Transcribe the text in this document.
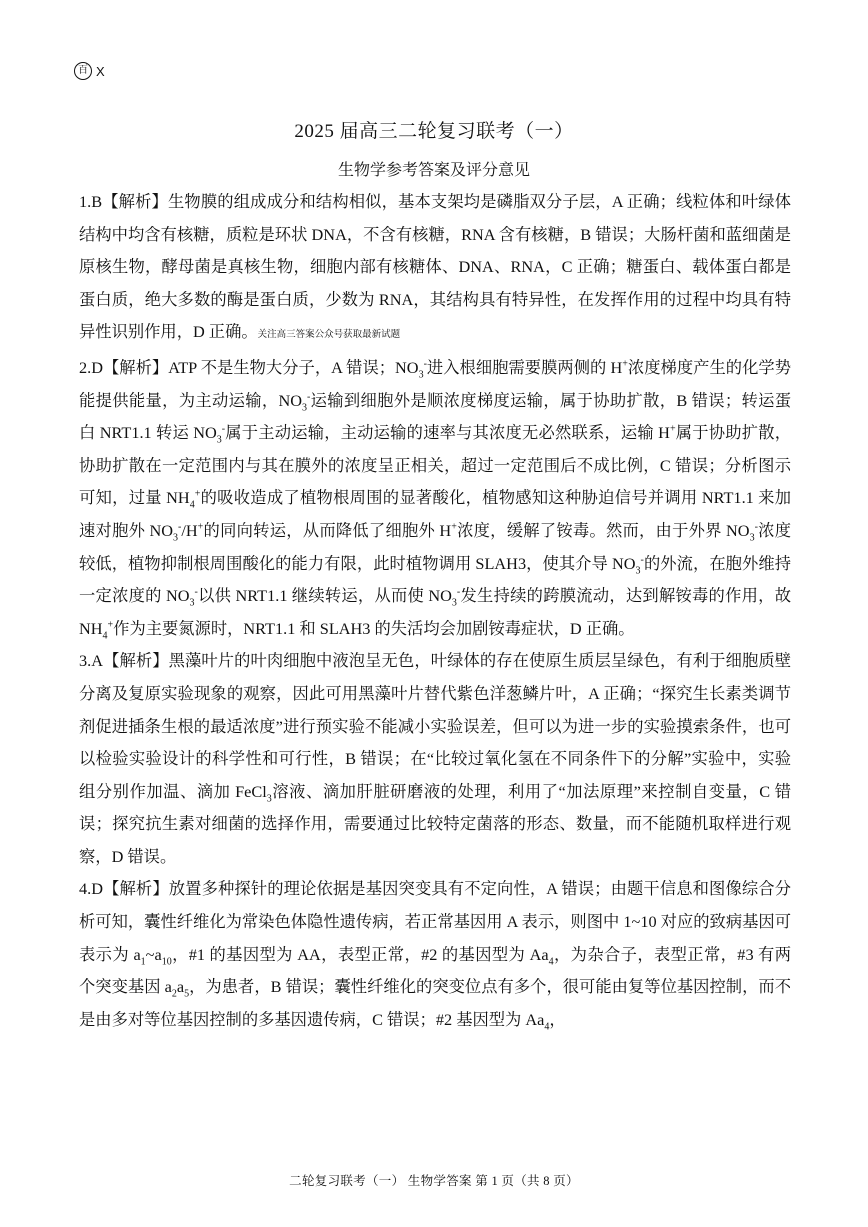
百 X
2025 届高三二轮复习联考（一）
生物学参考答案及评分意见

1.B【解析】生物膜的组成成分和结构相似，基本支架均是磷脂双分子层，A 正确；线粒体和叶绿体结构中均含有核糖，质粒是环状 DNA，不含有核糖，RNA 含有核糖，B 错误；大肠杆菌和蓝细菌是原核生物，酵母菌是真核生物，细胞内部有核糖体、DNA、RNA，C 正确；糖蛋白、载体蛋白都是蛋白质，绝大多数的酶是蛋白质，少数为 RNA，其结构具有特异性，在发挥作用的过程中均具有特异性识别作用，D 正确。关注高三答案公众号获取最新试题

2.D【解析】ATP 不是生物大分子，A 错误；$NO_3^-$进入根细胞需要膜两侧的 H+浓度梯度产生的化学势能提供能量，为主动运输，$NO_3^-$运输到细胞外是顺浓度梯度运输，属于协助扩散，B 错误；转运蛋白 NRT1.1 转运 $NO_3^-$属于主动运输，主动运输的速率与其浓度无必然联系，运输 H+属于协助扩散，协助扩散在一定范围内与其在膜外的浓度呈正相关，超过一定范围后不成比例，C 错误；分析图示可知，过量 $NH_4^+$的吸收造成了植物根周围的显著酸化，植物感知这种胁迫信号并调用 NRT1.1 来加速对胞外 $NO_3^-/H^+$的同向转运，从而降低了细胞外 H+浓度，缓解了铵毒。然而，由于外界 $NO_3^-$浓度较低，植物抑制根周围酸化的能力有限，此时植物调用 SLAH3，使其介导 $NO_3^-$的外流，在胞外维持一定浓度的 $NO_3^-$以供 NRT1.1 继续转运，从而使 $NO_3^-$发生持续的跨膜流动，达到解铵毒的作用，故 $NH_4^+$作为主要氮源时，NRT1.1 和 SLAH3 的失活均会加剧铵毒症状，D 正确。

3.A【解析】黑藻叶片的叶肉细胞中液泡呈无色，叶绿体的存在使原生质层呈绿色，有利于细胞质壁分离及复原实验现象的观察，因此可用黑藻叶片替代紫色洋葱鳞片叶，A 正确；“探究生长素类调节剂促进插条生根的最适浓度”进行预实验不能减小实验误差，但可以为进一步的实验摸索条件，也可以检验实验设计的科学性和可行性，B 错误；在“比较过氧化氢在不同条件下的分解”实验中，实验组分别作加温、滴加 FeCl$_3$溶液、滴加肝脏研磨液的处理，利用了“加法原理”来控制自变量，C 错误；探究抗生素对细菌的选择作用，需要通过比较特定菌落的形态、数量，而不能随机取样进行观察，D 错误。

4.D【解析】放置多种探针的理论依据是基因突变具有不定向性，A 错误；由题干信息和图像综合分析可知，囊性纤维化为常染色体隐性遗传病，若正常基因用 A 表示，则图中 1~10 对应的致病基因可表示为 $a_1\sim a_{10}$，#1 的基因型为 AA，表型正常，#2 的基因型为 $Aa_4$，为杂合子，表型正常，#3 有两个突变基因 $a_2a_5$，为患者，B 错误；囊性纤维化的突变位点有多个，很可能由复等位基因控制，而不是由多对等位基因控制的多基因遗传病，C 错误；#2 基因型为 $Aa_4$，

二轮复习联考（一） 生物学答案 第 1 页（共 8 页）
